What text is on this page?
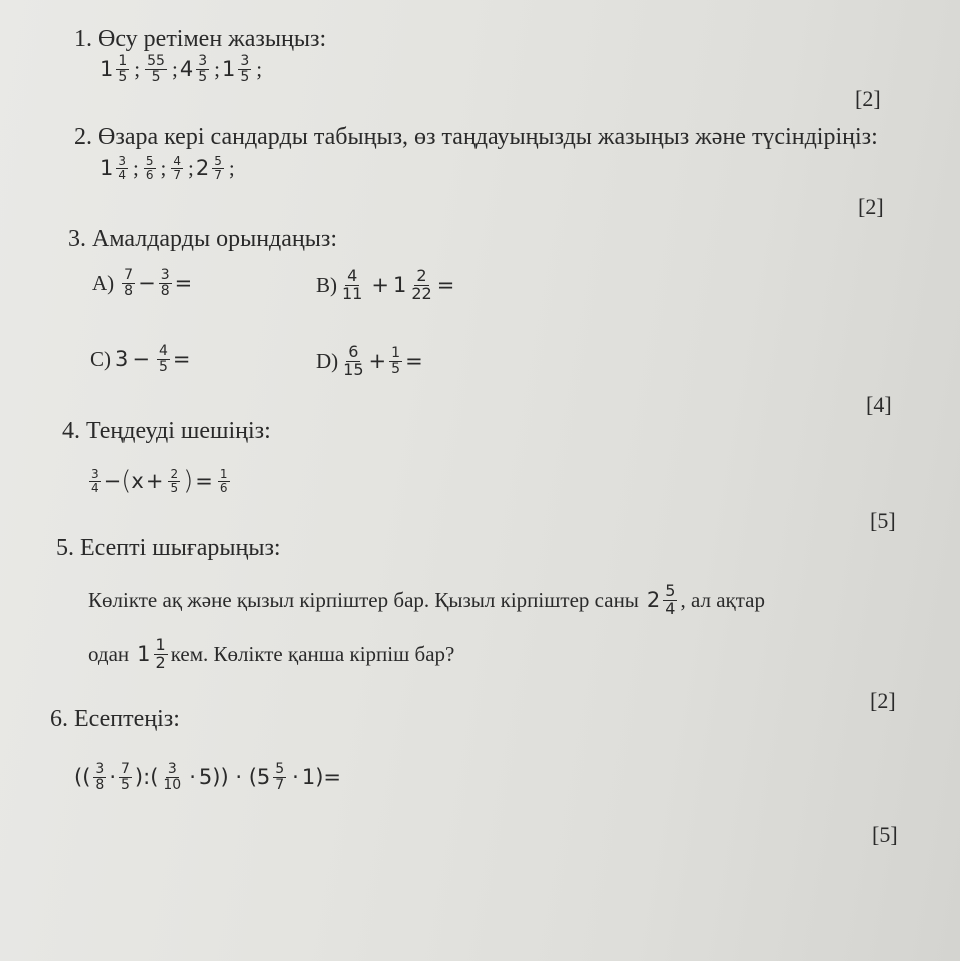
1. Өсу ретімен жазыңыз:
$1 \frac{1}{5}$ ; $\frac{55}{5}$ ; $4 \frac{3}{5}$ ; $1 \frac{3}{5}$ ;
[2]
2. Өзара кері сандарды табыңыз, өз таңдауыңызды жазыңыз және түсіндіріңіз:
$1 \frac{3}{4}$ ; $\frac{5}{6}$ ; $\frac{4}{7}$ ; $2 \frac{5}{7}$ ;
[2]
3. Амалдарды орындаңыз:
$A) \frac{7}{8} - \frac{3}{8}$ =	$B) \frac{4}{11} + 1 \frac{2}{22}$ =
C) $3 - \frac{4}{5}$ =	$D) \frac{6}{15} + \frac{1}{5}$ =
[4]
4. Теңдеуді шешіңіз:
$\frac{3}{4}$ − ( $x + \frac{2}{5}$ ) = $\frac{1}{6}$
[5]
5. Есепті шығарыңыз:
Көлікте ақ және қызыл кірпіштер бар. Қызыл кірпіштер саны $2 \frac{5}{4}$ , ал ақтар
одан $1 \frac{1}{2}$ кем. Көлікте қанша кірпіш бар?
[2]
6. Есептеңіз:
(( $\frac{3}{8} \cdot \frac{7}{5}$ ):( $\frac{3}{10} \cdot 5$ )) · ($5 \frac{5}{7} \cdot 1$ )=
[5]
